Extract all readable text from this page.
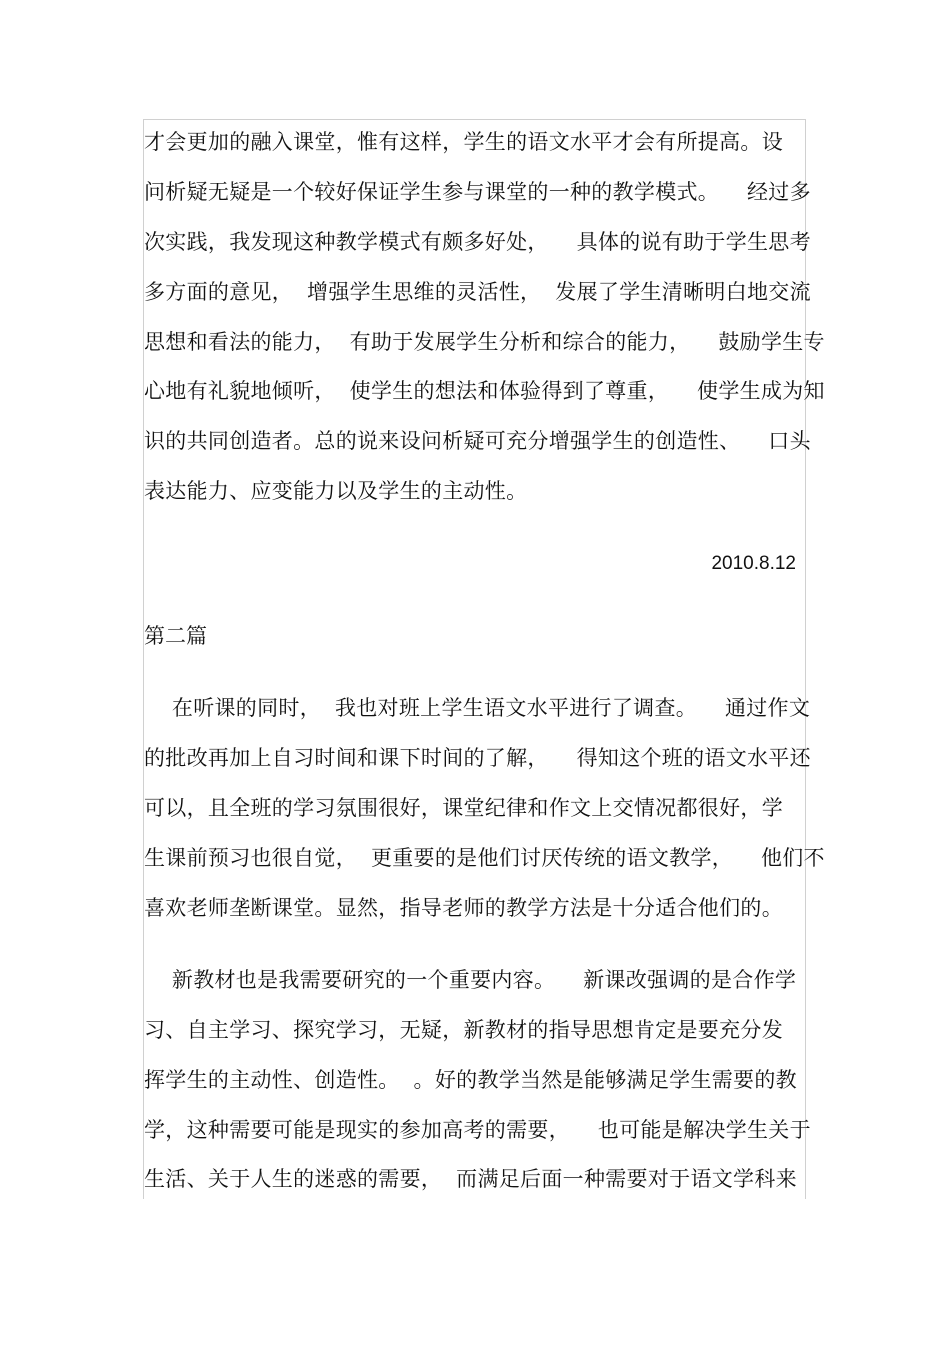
才会更加的融入课堂，惟有这样，学生的语文水平才会有所提高。设
问析疑无疑是一个较好保证学生参与课堂的一种的教学模式。    经过多
次实践，我发现这种教学模式有颇多好处，    具体的说有助于学生思考
多方面的意见，  增强学生思维的灵活性，  发展了学生清晰明白地交流
思想和看法的能力，  有助于发展学生分析和综合的能力，    鼓励学生专
心地有礼貌地倾听，  使学生的想法和体验得到了尊重，    使学生成为知
识的共同创造者。总的说来设问析疑可充分增强学生的创造性、    口头
表达能力、应变能力以及学生的主动性。
2010.8.12
第二篇
在听课的同时，  我也对班上学生语文水平进行了调查。    通过作文
的批改再加上自习时间和课下时间的了解，    得知这个班的语文水平还
可以，且全班的学习氛围很好，课堂纪律和作文上交情况都很好，学
生课前预习也很自觉，  更重要的是他们讨厌传统的语文教学，    他们不
喜欢老师垄断课堂。显然，指导老师的教学方法是十分适合他们的。
新教材也是我需要研究的一个重要内容。    新课改强调的是合作学
习、自主学习、探究学习，无疑，新教材的指导思想肯定是要充分发
挥学生的主动性、创造性。  。好的教学当然是能够满足学生需要的教
学，这种需要可能是现实的参加高考的需要，    也可能是解决学生关于
生活、关于人生的迷惑的需要，  而满足后面一种需要对于语文学科来
